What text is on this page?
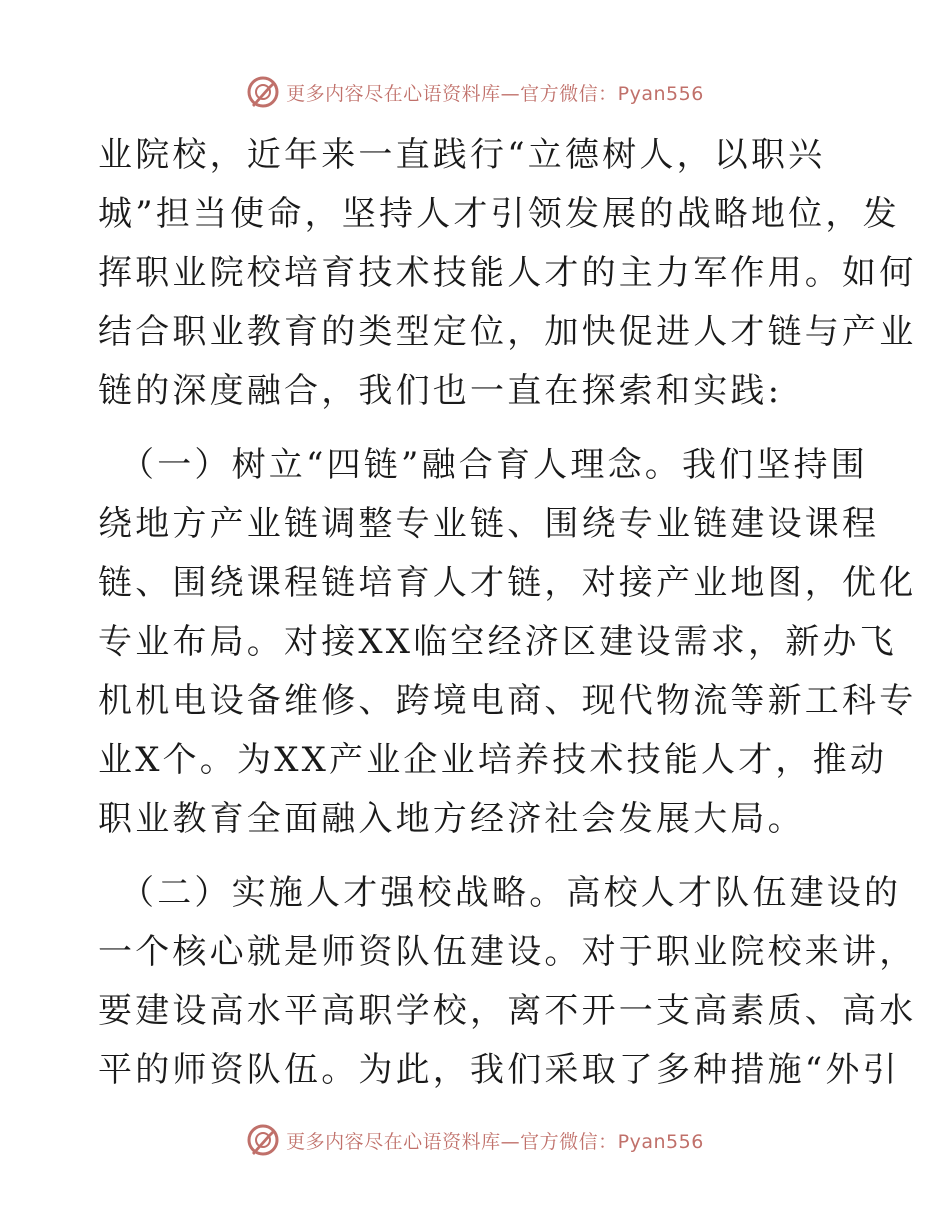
更多内容尽在心语资料库—官方微信：Pyan556
业院校，近年来一直践行“立德树人，以职兴
城”担当使命，坚持人才引领发展的战略地位，发
挥职业院校培育技术技能人才的主力军作用。如何
结合职业教育的类型定位，加快促进人才链与产业
链的深度融合，我们也一直在探索和实践:
（一）树立“四链”融合育人理念。我们坚持围
绕地方产业链调整专业链、围绕专业链建设课程
链、围绕课程链培育人才链，对接产业地图，优化
专业布局。对接XX临空经济区建设需求，新办飞
机机电设备维修、跨境电商、现代物流等新工科专
业X个。为XX产业企业培养技术技能人才，推动
职业教育全面融入地方经济社会发展大局。
（二）实施人才强校战略。高校人才队伍建设的
一个核心就是师资队伍建设。对于职业院校来讲，
要建设高水平高职学校，离不开一支高素质、高水
平的师资队伍。为此，我们采取了多种措施“外引
更多内容尽在心语资料库—官方微信：Pyan556
